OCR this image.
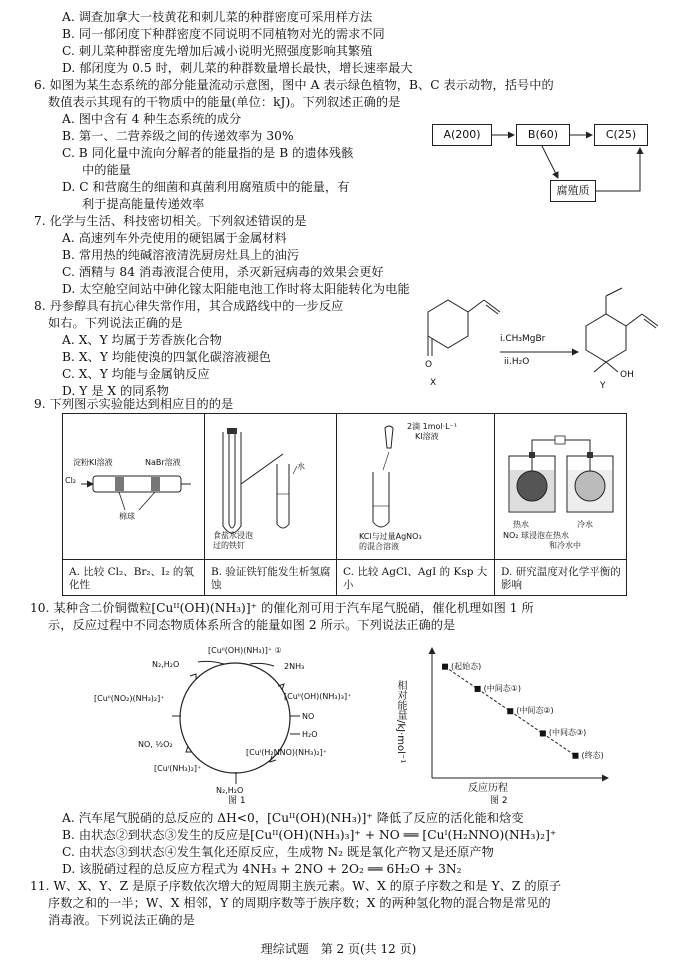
A. 调查加拿大一枝黄花和刺儿菜的种群密度可采用样方法
B. 同一郁闭度下种群密度不同说明不同植物对光的需求不同
C. 刺儿菜种群密度先增加后减小说明光照强度影响其繁殖
D. 郁闭度为 0.5 时，刺儿菜的种群数量增长最快，增长速率最大
6. 如图为某生态系统的部分能量流动示意图，图中 A 表示绿色植物，B、C 表示动物，括号中的
数值表示其现有的干物质中的能量(单位：kJ)。下列叙述正确的是
A. 图中含有 4 种生态系统的成分
B. 第一、二营养级之间的传递效率为 30%
C. B 同化量中流向分解者的能量指的是 B 的遗体残骸
中的能量
D. C 和营腐生的细菌和真菌利用腐殖质中的能量，有
利于提高能量传递效率
A(200)	B(60)	C(25)
腐殖质
7. 化学与生活、科技密切相关。下列叙述错误的是
A. 高速列车外壳使用的硬铝属于金属材料
B. 常用热的纯碱溶液清洗厨房灶具上的油污
C. 酒精与 84 消毒液混合使用，杀灭新冠病毒的效果会更好
D. 太空舱空间站中砷化镓太阳能电池工作时将太阳能转化为电能
8. 丹参醇具有抗心律失常作用，其合成路线中的一步反应
如右。下列说法正确的是
A. X、Y 均属于芳香族化合物
B. X、Y 均能使溴的四氯化碳溶液褪色
C. X、Y 均能与金属钠反应
D. Y 是 X 的同系物
i.CH₃MgBr
ii.H₂O
O
OH
X	Y
9. 下列图示实验能达到相应目的的是
Cl₂
淀粉KI溶液	NaBr溶液
棉球
食盐水浸泡
过的铁钉
水
2滴 1mol·L⁻¹
KI溶液
KCl与过量AgNO₃
的混合溶液
热水	冷水
NO₂ 球浸泡在热水
和冷水中
A. 比较 Cl₂、Br₂、I₂ 的氧化性
B. 验证铁钉能发生析氢腐蚀
C. 比较 AgCl、AgI 的 Ksp 大小
D. 研究温度对化学平衡的影响
10. 某种含二价铜微粒[Cuᴵᴵ(OH)(NH₃)]⁺ 的催化剂可用于汽车尾气脱硝，催化机理如图 1 所
示，反应过程中不同态物质体系所含的能量如图 2 所示。下列说法正确的是
[Cuᴵᴵ(OH)(NH₃)]⁺ ①
N₂,H₂O	2NH₃
[Cuᴵᴵ(OH)(NH₃)₃]⁺
NO
H₂O
[Cuᴵ(H₂NNO)(NH₃)₂]⁺
[Cuᴵ(NH₃)₂]⁺
N₂,H₂O
[Cuᴵᴵ(NO₂)(NH₃)₂]⁺
NO, ½O₂
图 1
相对能量/kJ·mol⁻¹
反应历程
图 2
(起始态)
(中间态①)
(中间态②)
(中间态③)
(终态)
A. 汽车尾气脱硝的总反应的 ΔH<0，[Cuᴵᴵ(OH)(NH₃)]⁺ 降低了反应的活化能和焓变
B. 由状态②到状态③发生的反应是[Cuᴵᴵ(OH)(NH₃)₃]⁺ + NO ══ [Cuᴵ(H₂NNO)(NH₃)₂]⁺
C. 由状态③到状态④发生氧化还原反应，生成物 N₂ 既是氧化产物又是还原产物
D. 该脱硝过程的总反应方程式为 4NH₃ + 2NO + 2O₂ ══ 6H₂O + 3N₂
11. W、X、Y、Z 是原子序数依次增大的短周期主族元素。W、X 的原子序数之和是 Y、Z 的原子
序数之和的一半；W、X 相邻，Y 的周期序数等于族序数；X 的两种氢化物的混合物是常见的
消毒液。下列说法正确的是
理综试题　第 2 页(共 12 页)
